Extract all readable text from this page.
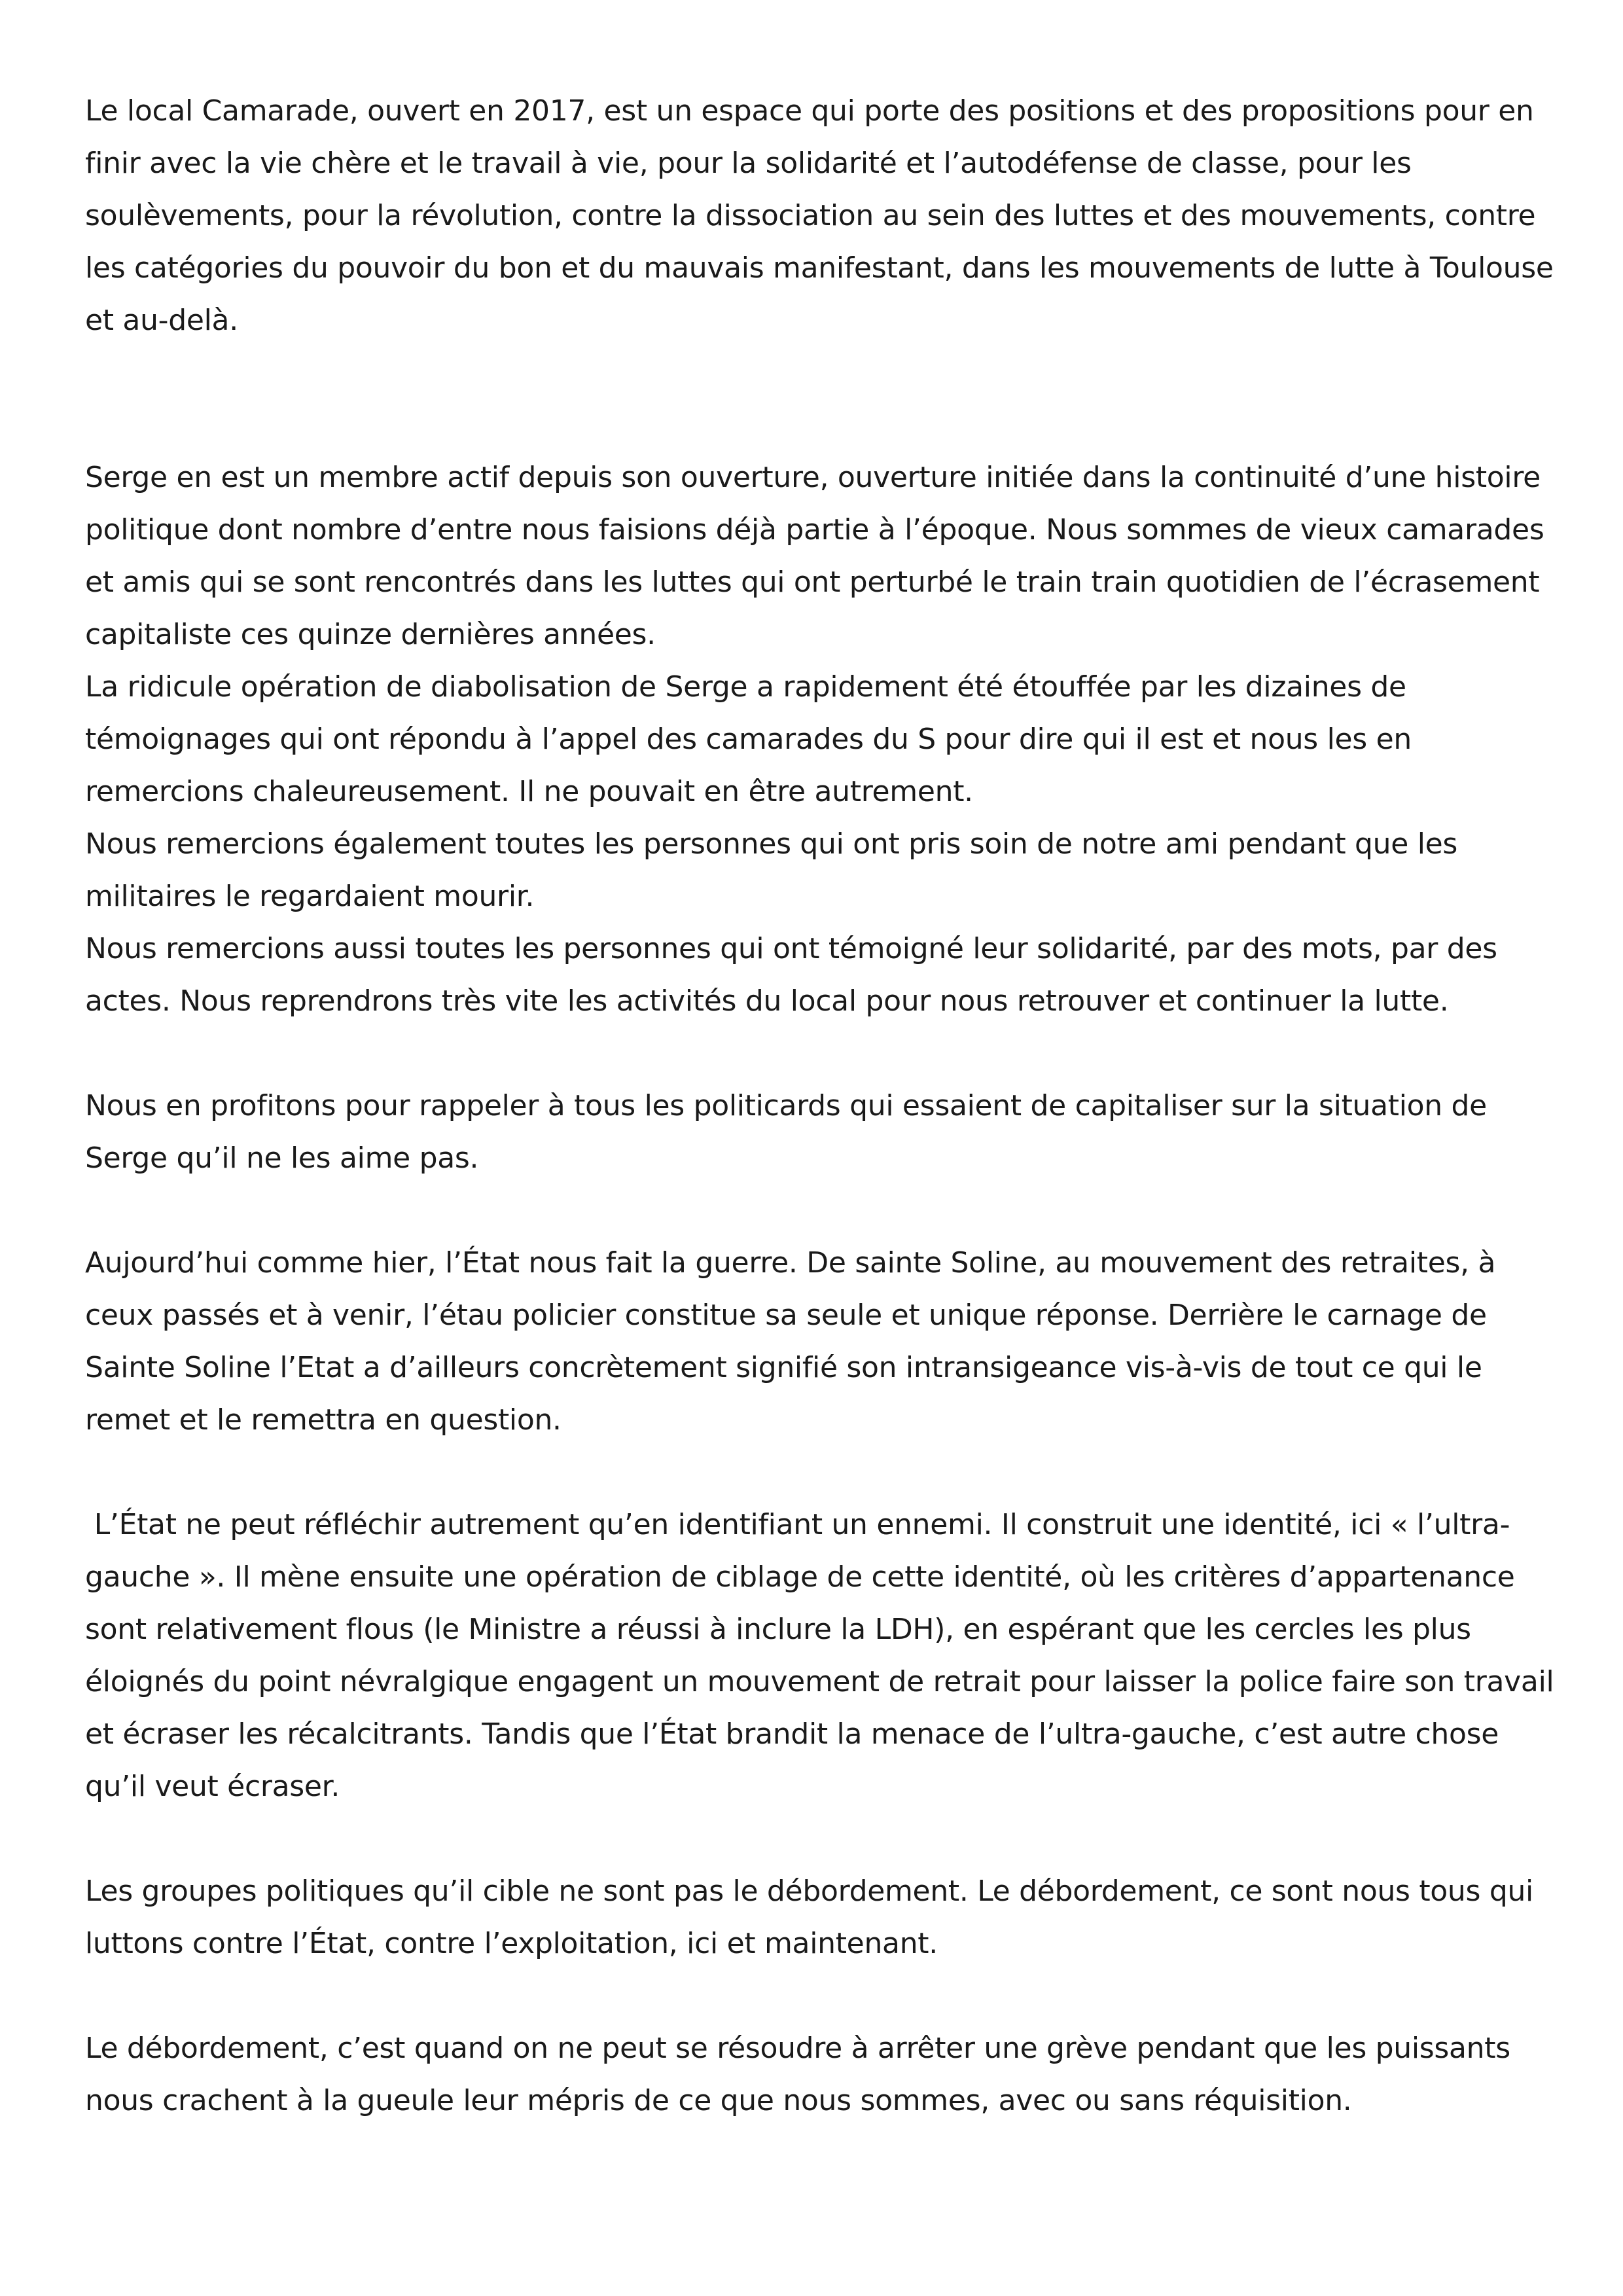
Le local Camarade, ouvert en 2017, est un espace qui porte des positions et des propositions pour en finir avec la vie chère et le travail à vie, pour la solidarité et l’autodéfense de classe, pour les soulèvements, pour la révolution, contre la dissociation au sein des luttes et des mouvements, contre les catégories du pouvoir du bon et du mauvais manifestant, dans les mouvements de lutte à Toulouse et au-delà.

Serge en est un membre actif depuis son ouverture, ouverture initiée dans la continuité d’une histoire politique dont nombre d’entre nous faisions déjà partie à l’époque. Nous sommes de vieux camarades et amis qui se sont rencontrés dans les luttes qui ont perturbé le train train quotidien de l’écrasement capitaliste ces quinze dernières années.

La ridicule opération de diabolisation de Serge a rapidement été étouffée par les dizaines de témoignages qui ont répondu à l’appel des camarades du S pour dire qui il est et nous les en remercions chaleureusement. Il ne pouvait en être autrement.

Nous remercions également toutes les personnes qui ont pris soin de notre ami pendant que les militaires le regardaient mourir.

Nous remercions aussi toutes les personnes qui ont témoigné leur solidarité, par des mots, par des actes. Nous reprendrons très vite les activités du local pour nous retrouver et continuer la lutte.

Nous en profitons pour rappeler à tous les politicards qui essaient de capitaliser sur la situation de Serge qu’il ne les aime pas.

Aujourd’hui comme hier, l’État nous fait la guerre. De sainte Soline, au mouvement des retraites, à ceux passés et à venir, l’étau policier constitue sa seule et unique réponse. Derrière le carnage de Sainte Soline l’Etat a d’ailleurs concrètement signifié son intransigeance vis-à-vis de tout ce qui le remet et le remettra en question.

L’État ne peut réfléchir autrement qu’en identifiant un ennemi. Il construit une identité, ici « l’ultra-gauche ». Il mène ensuite une opération de ciblage de cette identité, où les critères d’appartenance sont relativement flous (le Ministre a réussi à inclure la LDH), en espérant que les cercles les plus éloignés du point névralgique engagent un mouvement de retrait pour laisser la police faire son travail et écraser les récalcitrants. Tandis que l’État brandit la menace de l’ultra-gauche, c’est autre chose qu’il veut écraser.

Les groupes politiques qu’il cible ne sont pas le débordement. Le débordement, ce sont nous tous qui luttons contre l’État, contre l’exploitation, ici et maintenant.

Le débordement, c’est quand on ne peut se résoudre à arrêter une grève pendant que les puissants nous crachent à la gueule leur mépris de ce que nous sommes, avec ou sans réquisition.
